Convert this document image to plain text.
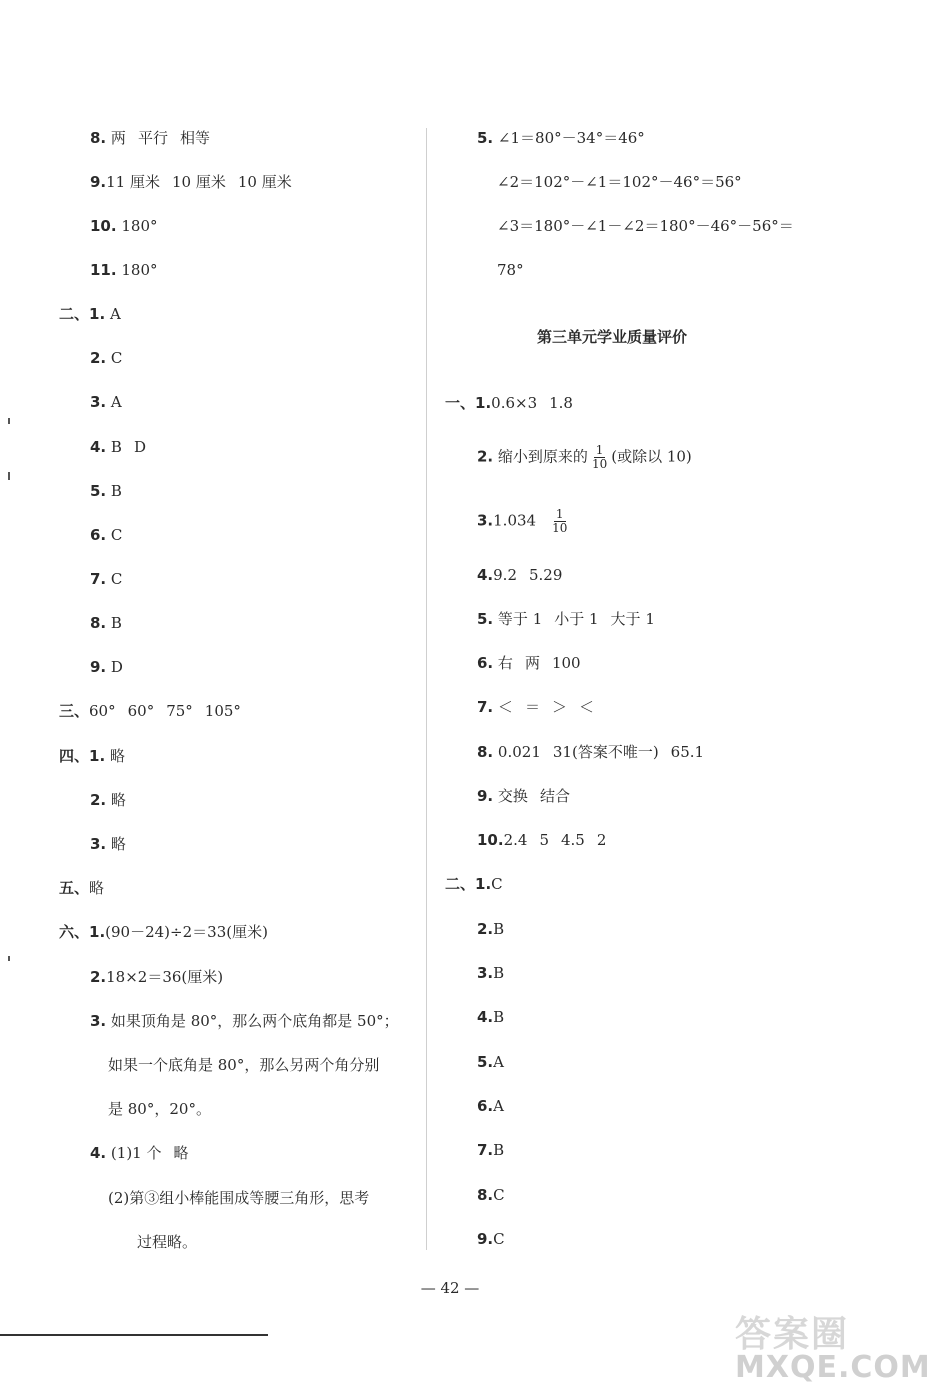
8. 两 平行 相等
9.11 厘米 10 厘米 10 厘米
10. 180°
11. 180°
二、1. A
2. C
3. A
4. B D
5. B
6. C
7. C
8. B
9. D
三、60° 60° 75° 105°
四、1. 略
2. 略
3. 略
五、略
六、1.(90－24)÷2＝33(厘米)
2.18×2＝36(厘米)
3. 如果顶角是 80°，那么两个底角都是 50°；
如果一个底角是 80°，那么另两个角分别
是 80°，20°。
4. (1)1 个 略
(2)第③组小棒能围成等腰三角形，思考
过程略。
5. ∠1＝80°－34°＝46°
∠2＝102°－∠1＝102°－46°＝56°
∠3＝180°－∠1－∠2＝180°－46°－56°＝
78°
第三单元学业质量评价
一、1.0.6×3 1.8
2. 缩小到原来的 $\frac{1}{10}$ (或除以 10)
$3.1.034 \frac{1}{10}$
4.9.2 5.29
5. 等于 1 小于 1 大于 1
6. 右 两 100
7. ＜ ＝ ＞ ＜
8. 0.021 31(答案不唯一) 65.1
9. 交换 结合
10.2.4 5 4.5 2
二、1.C
2.B
3.B
4.B
5.A
6.A
7.B
8.C
9.C
— 42 —
答案圈
MXQE.COM
